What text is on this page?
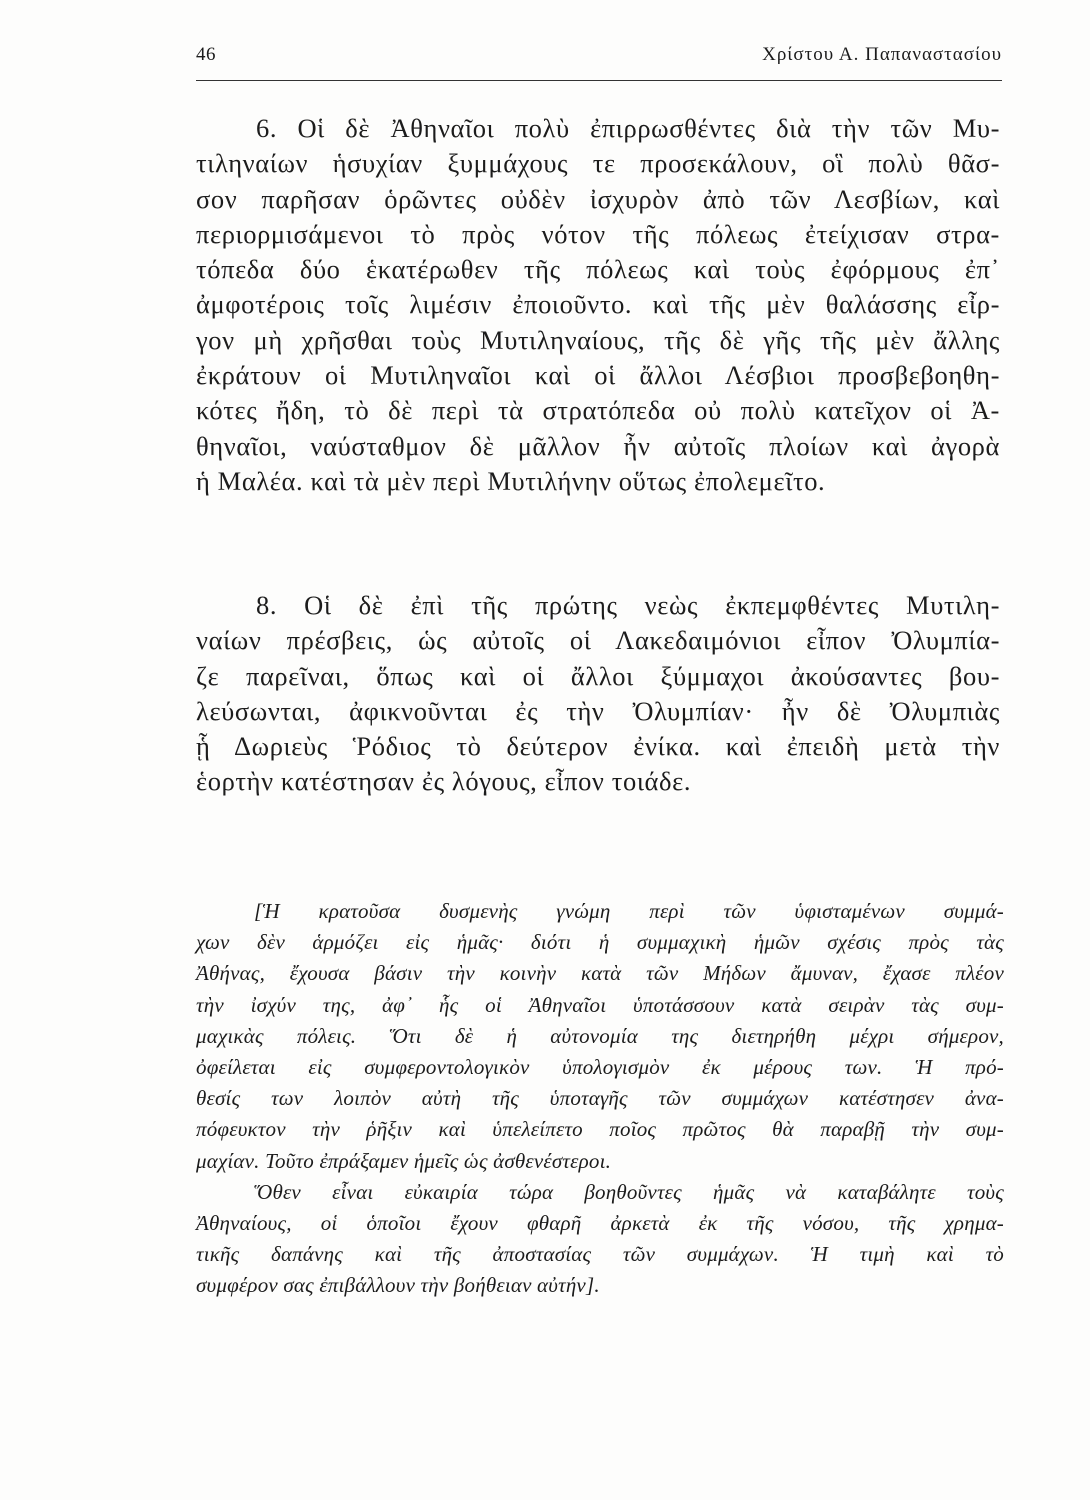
46	Χρίστου Α. Παπαναστασίου
6. Οἱ δὲ Ἀθηναῖοι πολὺ ἐπιρρωσθέντες διὰ τὴν τῶν Μυ-
τιληναίων ἡσυχίαν ξυμμάχους τε προσεκάλουν, οἳ πολὺ θᾶσ-
σον παρῆσαν ὁρῶντες οὐδὲν ἰσχυρὸν ἀπὸ τῶν Λεσβίων, καὶ
περιορμισάμενοι τὸ πρὸς νότον τῆς πόλεως ἐτείχισαν στρα-
τόπεδα δύο ἑκατέρωθεν τῆς πόλεως καὶ τοὺς ἐφόρμους ἐπ᾽
ἀμφοτέροις τοῖς λιμέσιν ἐποιοῦντο. καὶ τῆς μὲν θαλάσσης εἶρ-
γον μὴ χρῆσθαι τοὺς Μυτιληναίους, τῆς δὲ γῆς τῆς μὲν ἄλλης
ἐκράτουν οἱ Μυτιληναῖοι καὶ οἱ ἄλλοι Λέσβιοι προσβεβοηθη-
κότες ἤδη, τὸ δὲ περὶ τὰ στρατόπεδα οὐ πολὺ κατεῖχον οἱ Ἀ-
θηναῖοι, ναύσταθμον δὲ μᾶλλον ἦν αὐτοῖς πλοίων καὶ ἀγορὰ
ἡ Μαλέα. καὶ τὰ μὲν περὶ Μυτιλήνην οὕτως ἐπολεμεῖτο.
8. Οἱ δὲ ἐπὶ τῆς πρώτης νεὼς ἐκπεμφθέντες Μυτιλη-
ναίων πρέσβεις, ὡς αὐτοῖς οἱ Λακεδαιμόνιοι εἶπον Ὀλυμπία-
ζε παρεῖναι, ὅπως καὶ οἱ ἄλλοι ξύμμαχοι ἀκούσαντες βου-
λεύσωνται, ἀφικνοῦνται ἐς τὴν Ὀλυμπίαν· ἦν δὲ Ὀλυμπιὰς
ᾗ Δωριεὺς Ῥόδιος τὸ δεύτερον ἐνίκα. καὶ ἐπειδὴ μετὰ τὴν
ἑορτὴν κατέστησαν ἐς λόγους, εἶπον τοιάδε.
[Ἡ κρατοῦσα δυσμενὴς γνώμη περὶ τῶν ὑφισταμένων συμμά-
χων δὲν ἁρμόζει εἰς ἡμᾶς· διότι ἡ συμμαχικὴ ἡμῶν σχέσις πρὸς τὰς
Ἀθήνας, ἔχουσα βάσιν τὴν κοινὴν κατὰ τῶν Μήδων ἄμυναν, ἔχασε πλέον
τὴν ἰσχύν της, ἀφ᾽ ἧς οἱ Ἀθηναῖοι ὑποτάσσουν κατὰ σειρὰν τὰς συμ-
μαχικὰς πόλεις. Ὅτι δὲ ἡ αὐτονομία της διετηρήθη μέχρι σήμερον,
ὀφείλεται εἰς συμφεροντολογικὸν ὑπολογισμὸν ἐκ μέρους των. Ἡ πρό-
θεσίς των λοιπὸν αὐτὴ τῆς ὑποταγῆς τῶν συμμάχων κατέστησεν ἀνα-
πόφευκτον τὴν ῥῆξιν καὶ ὑπελείπετο ποῖος πρῶτος θὰ παραβῇ τὴν συμ-
μαχίαν. Τοῦτο ἐπράξαμεν ἡμεῖς ὡς ἀσθενέστεροι.
Ὅθεν εἶναι εὐκαιρία τώρα βοηθοῦντες ἡμᾶς νὰ καταβάλητε τοὺς
Ἀθηναίους, οἱ ὁποῖοι ἔχουν φθαρῆ ἀρκετὰ ἐκ τῆς νόσου, τῆς χρημα-
τικῆς δαπάνης καὶ τῆς ἀποστασίας τῶν συμμάχων. Ἡ τιμὴ καὶ τὸ
συμφέρον σας ἐπιβάλλουν τὴν βοήθειαν αὐτήν].
